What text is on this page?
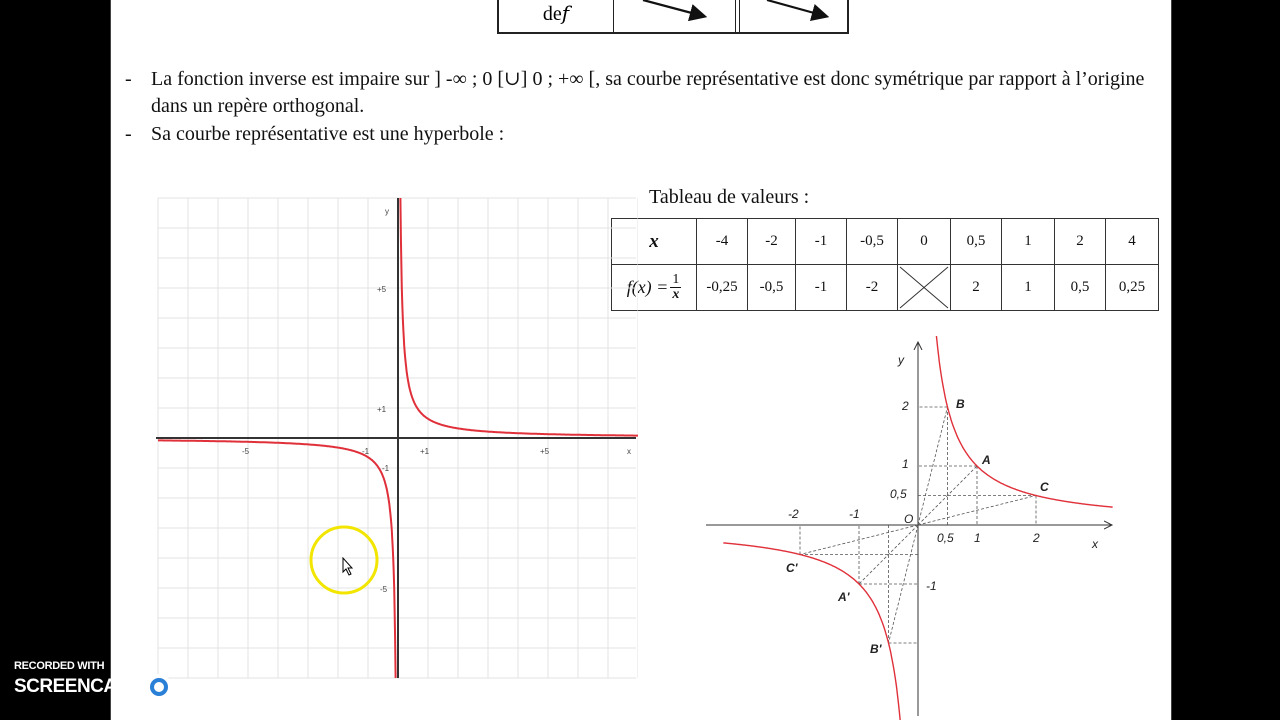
def
- La fonction inverse est impaire sur ] -∞ ; 0 [∪] 0 ; +∞ [, sa courbe représentative est donc symétrique par rapport à l’origine dans un repère orthogonal.
- Sa courbe représentative est une hyperbole :
Tableau de valeurs :
x	-4	-2	-1	-0,5	0	0,5	1	2	4

$f(x) = \frac{1}{x}$	-0,25	-0,5	-1	-2		2	1	0,5	0,25
x
y
-5	-1	+1	+5
+5
+1
-1
-5
x
y
O
-2	-1
0,5 1	2
2
1
0,5
-1
B
A
C
C'
A'
B'
RECORDED WITH
SCREENCAST MATIC
